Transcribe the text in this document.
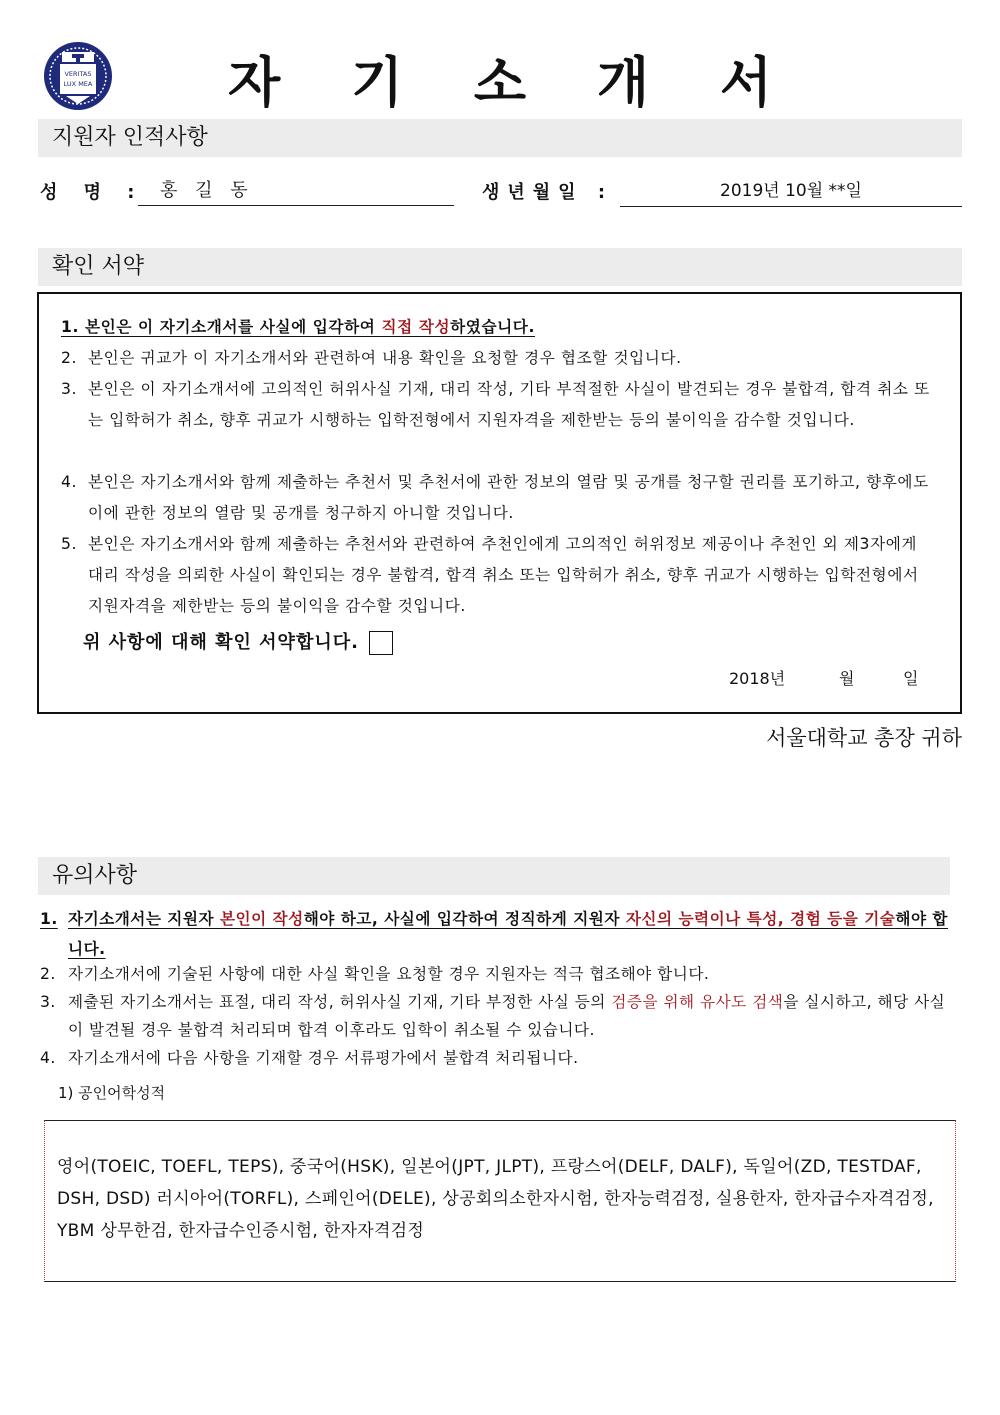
VERITAS
LUX MEA	자 기 소 개 서
지원자 인적사항
성 명 : 홍 길 동	생년월일 :	2019년 10월 **일
확인 서약
1. 본인은 이 자기소개서를 사실에 입각하여 직접 작성하였습니다.
2. 본인은 귀교가 이 자기소개서와 관련하여 내용 확인을 요청할 경우 협조할 것입니다.
3. 본인은 이 자기소개서에 고의적인 허위사실 기재, 대리 작성, 기타 부적절한 사실이 발견되는 경우 불합격, 합격 취소 또는 입학허가 취소, 향후 귀교가 시행하는 입학전형에서 지원자격을 제한받는 등의 불이익을 감수할 것입니다.
4. 본인은 자기소개서와 함께 제출하는 추천서 및 추천서에 관한 정보의 열람 및 공개를 청구할 권리를 포기하고, 향후에도 이에 관한 정보의 열람 및 공개를 청구하지 아니할 것입니다.
5. 본인은 자기소개서와 함께 제출하는 추천서와 관련하여 추천인에게 고의적인 허위정보 제공이나 추천인 외 제3자에게 대리 작성을 의뢰한 사실이 확인되는 경우 불합격, 합격 취소 또는 입학허가 취소, 향후 귀교가 시행하는 입학전형에서 지원자격을 제한받는 등의 불이익을 감수할 것입니다.
위 사항에 대해 확인 서약합니다.
2018년	월	일
서울대학교 총장 귀하
유의사항
1. 자기소개서는 지원자 본인이 작성해야 하고, 사실에 입각하여 정직하게 지원자 자신의 능력이나 특성, 경험 등을 기술해야 합니다.
2. 자기소개서에 기술된 사항에 대한 사실 확인을 요청할 경우 지원자는 적극 협조해야 합니다.
3. 제출된 자기소개서는 표절, 대리 작성, 허위사실 기재, 기타 부정한 사실 등의 검증을 위해 유사도 검색을 실시하고, 해당 사실이 발견될 경우 불합격 처리되며 합격 이후라도 입학이 취소될 수 있습니다.
4. 자기소개서에 다음 사항을 기재할 경우 서류평가에서 불합격 처리됩니다.
1) 공인어학성적
영어(TOEIC, TOEFL, TEPS), 중국어(HSK), 일본어(JPT, JLPT), 프랑스어(DELF, DALF), 독일어(ZD, TESTDAF, DSH, DSD) 러시아어(TORFL), 스페인어(DELE), 상공회의소한자시험, 한자능력검정, 실용한자, 한자급수자격검정, YBM 상무한검, 한자급수인증시험, 한자자격검정
